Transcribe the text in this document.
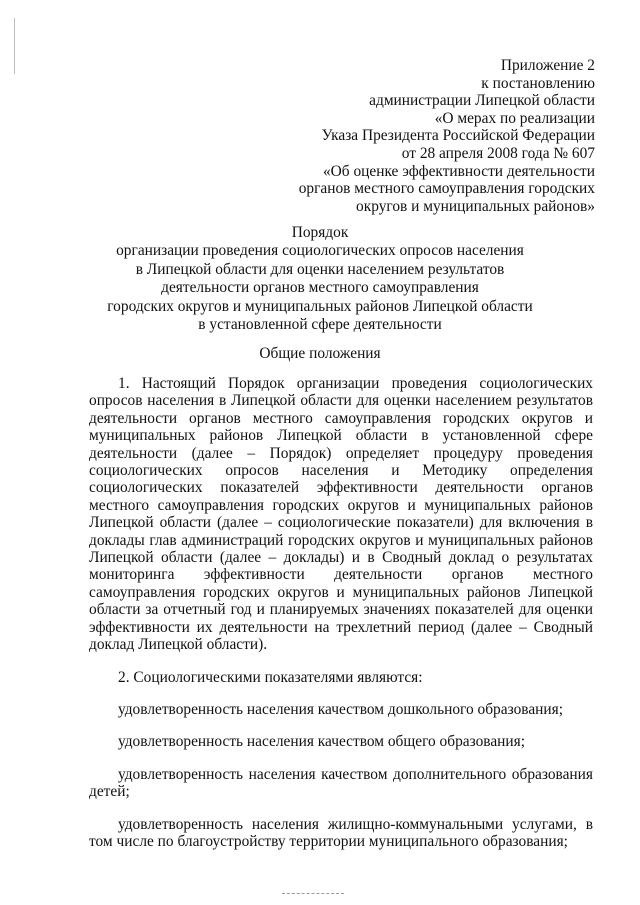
Приложение 2
к постановлению
администрации Липецкой области
«О мерах по реализации
Указа Президента Российской Федерации
от 28 апреля 2008 года № 607
«Об оценке эффективности деятельности
органов местного самоуправления городских
округов и муниципальных районов»
Порядок
организации проведения социологических опросов населения
в Липецкой области для оценки населением результатов
деятельности органов местного самоуправления
городских округов и муниципальных районов Липецкой области
в установленной сфере деятельности
Общие положения

1. Настоящий Порядок организации проведения социологических опросов населения в Липецкой области для оценки населением результатов деятельности органов местного самоуправления городских округов и муниципальных районов Липецкой области в установленной сфере деятельности (далее – Порядок) определяет процедуру проведения социологических опросов населения и Методику определения социологических показателей эффективности деятельности органов местного самоуправления городских округов и муниципальных районов Липецкой области (далее – социологические показатели) для включения в доклады глав администраций городских округов и муниципальных районов Липецкой области (далее – доклады) и в Сводный доклад о результатах мониторинга эффективности деятельности органов местного самоуправления городских округов и муниципальных районов Липецкой области за отчетный год и планируемых значениях показателей для оценки эффективности их деятельности на трехлетний период (далее – Сводный доклад Липецкой области).

2. Социологическими показателями являются:

удовлетворенность населения качеством дошкольного образования;

удовлетворенность населения качеством общего образования;

удовлетворенность населения качеством дополнительного образования детей;

удовлетворенность населения жилищно-коммунальными услугами, в том числе по благоустройству территории муниципального образования;
